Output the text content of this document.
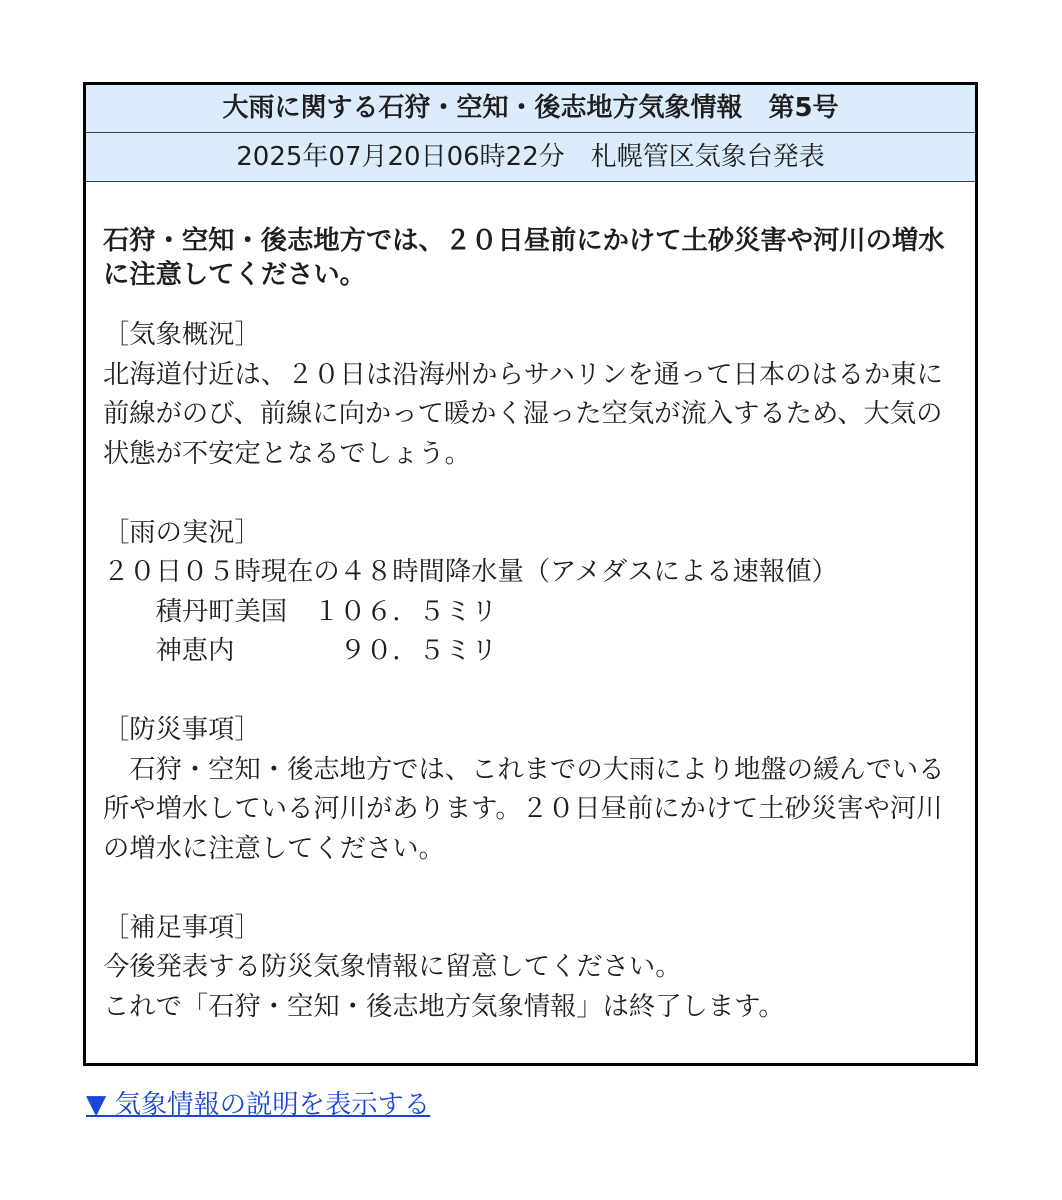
大雨に関する石狩・空知・後志地方気象情報　第5号
2025年07月20日06時22分　札幌管区気象台発表
石狩・空知・後志地方では、２０日昼前にかけて土砂災害や河川の増水
に注意してください。
［気象概況］
北海道付近は、２０日は沿海州からサハリンを通って日本のはるか東に
前線がのび、前線に向かって暖かく湿った空気が流入するため、大気の
状態が不安定となるでしょう。
［雨の実況］
２０日０５時現在の４８時間降水量（アメダスによる速報値）
　　積丹町美国　１０６．５ミリ
　　神恵内　　　　９０．５ミリ
［防災事項］
　石狩・空知・後志地方では、これまでの大雨により地盤の緩んでいる
所や増水している河川があります。２０日昼前にかけて土砂災害や河川
の増水に注意してください。
［補足事項］
今後発表する防災気象情報に留意してください。
これで「石狩・空知・後志地方気象情報」は終了します。
▼ 気象情報の説明を表示する
